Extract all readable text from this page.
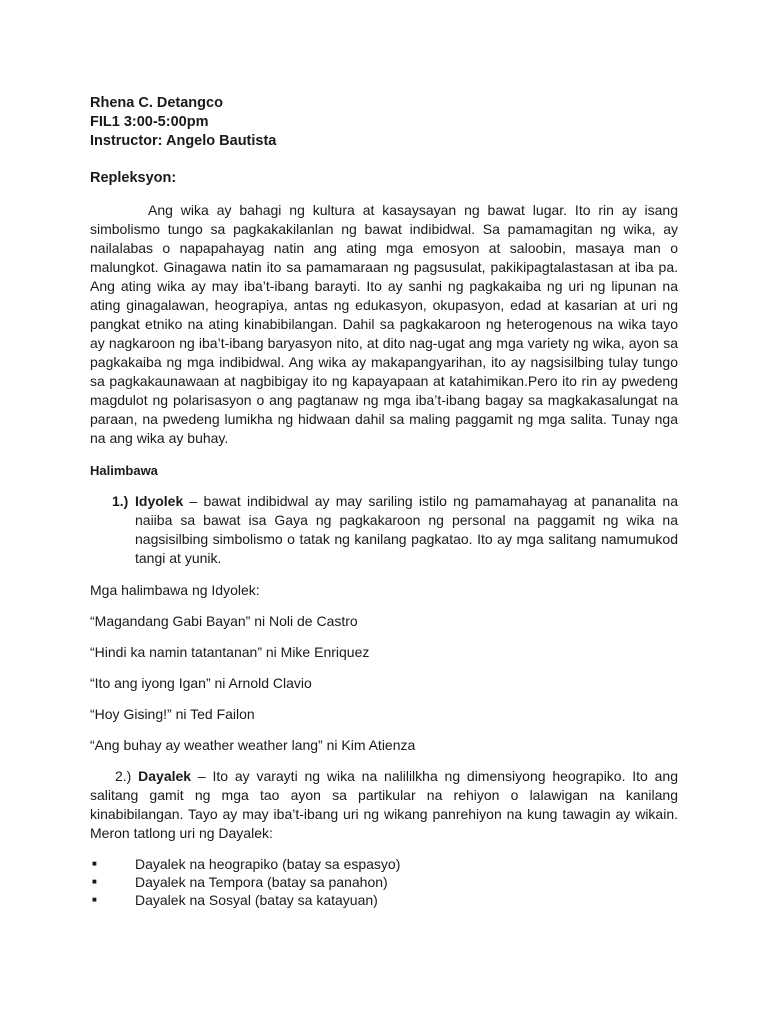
Rhena C. Detangco
FIL1 3:00-5:00pm
Instructor: Angelo Bautista
Repleksyon:
Ang wika ay bahagi ng kultura at kasaysayan ng bawat lugar. Ito rin ay isang simbolismo tungo sa pagkakakilanlan ng bawat indibidwal. Sa pamamagitan ng wika, ay nailalabas o napapahayag natin ang ating mga emosyon at saloobin, masaya man o malungkot. Ginagawa natin ito sa pamamaraan ng pagsusulat, pakikipagtalastasan at iba pa. Ang ating wika ay may iba’t-ibang barayti. Ito ay sanhi ng pagkakaiba ng uri ng lipunan na ating ginagalawan, heograpiya, antas ng edukasyon, okupasyon, edad at kasarian at uri ng pangkat etniko na ating kinabibilangan. Dahil sa pagkakaroon ng heterogenous na wika tayo ay nagkaroon ng iba’t-ibang baryasyon nito, at dito nag-ugat ang mga variety ng wika, ayon sa pagkakaiba ng mga indibidwal. Ang wika ay makapangyarihan, ito ay nagsisilbing tulay tungo sa pagkakaunawaan at nagbibigay ito ng kapayapaan at katahimikan.Pero ito rin ay pwedeng magdulot ng polarisasyon o ang pagtanaw ng mga iba’t-ibang bagay sa magkakasalungat na paraan, na pwedeng lumikha ng hidwaan dahil sa maling paggamit ng mga salita. Tunay nga na ang wika ay buhay.
Halimbawa
1.) Idyolek – bawat indibidwal ay may sariling istilo ng pamamahayag at pananalita na naiiba sa bawat isa Gaya ng pagkakaroon ng personal na paggamit ng wika na nagsisilbing simbolismo o tatak ng kanilang pagkatao. Ito ay mga salitang namumukod tangi at yunik.
Mga halimbawa ng Idyolek:
“Magandang Gabi Bayan” ni Noli de Castro
“Hindi ka namin tatantanan” ni Mike Enriquez
“Ito ang iyong Igan” ni Arnold Clavio
“Hoy Gising!” ni Ted Failon
“Ang buhay ay weather weather lang” ni Kim Atienza
2.) Dayalek – Ito ay varayti ng wika na nalililkha ng dimensiyong heograpiko. Ito ang salitang gamit ng mga tao ayon sa partikular na rehiyon o lalawigan na kanilang kinabibilangan. Tayo ay may iba’t-ibang uri ng wikang panrehiyon na kung tawagin ay wikain. Meron tatlong uri ng Dayalek:
■	Dayalek na heograpiko (batay sa espasyo)
■	Dayalek na Tempora (batay sa panahon)
■	Dayalek na Sosyal (batay sa katayuan)
